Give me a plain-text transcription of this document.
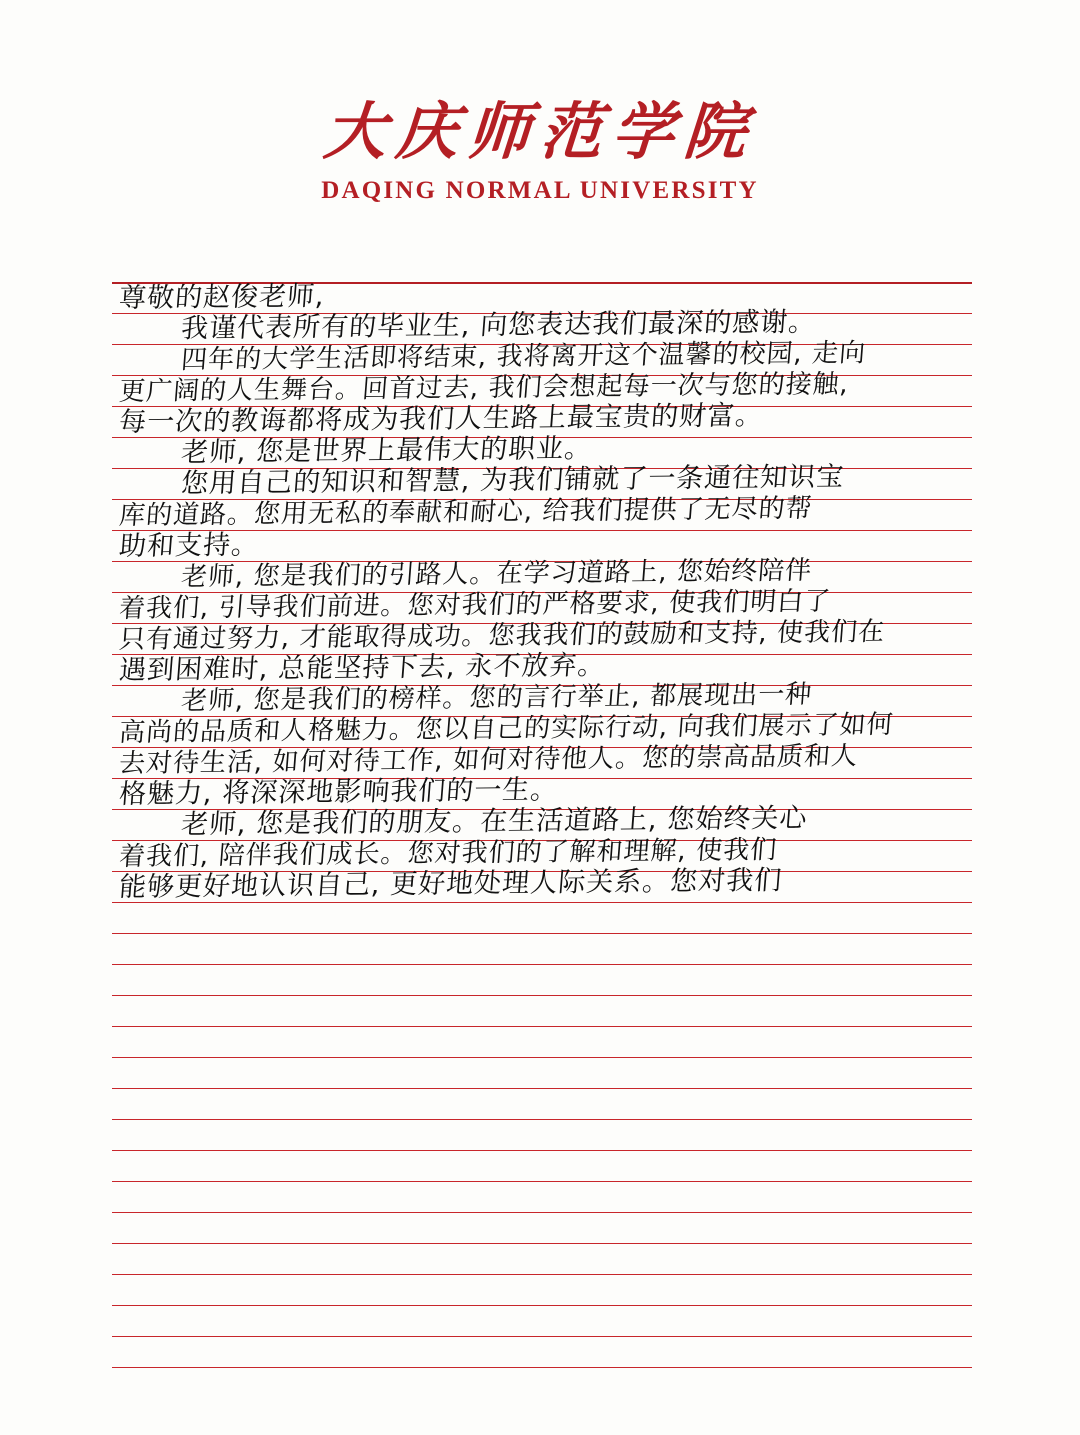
大庆师范学院
DAQING NORMAL UNIVERSITY
尊敬的赵俊老师,
我谨代表所有的毕业生, 向您表达我们最深的感谢。
四年的大学生活即将结束, 我将离开这个温馨的校园, 走向
更广阔的人生舞台。回首过去, 我们会想起每一次与您的接触,
每一次的教诲都将成为我们人生路上最宝贵的财富。
老师, 您是世界上最伟大的职业。
您用自己的知识和智慧, 为我们铺就了一条通往知识宝
库的道路。您用无私的奉献和耐心, 给我们提供了无尽的帮
助和支持。
老师, 您是我们的引路人。在学习道路上, 您始终陪伴
着我们, 引导我们前进。您对我们的严格要求, 使我们明白了
只有通过努力, 才能取得成功。您我我们的鼓励和支持, 使我们在
遇到困难时, 总能坚持下去, 永不放弃。
老师, 您是我们的榜样。您的言行举止, 都展现出一种
高尚的品质和人格魅力。您以自己的实际行动, 向我们展示了如何
去对待生活, 如何对待工作, 如何对待他人。您的崇高品质和人
格魅力, 将深深地影响我们的一生。
老师, 您是我们的朋友。在生活道路上, 您始终关心
着我们, 陪伴我们成长。您对我们的了解和理解, 使我们
能够更好地认识自己, 更好地处理人际关系。您对我们
